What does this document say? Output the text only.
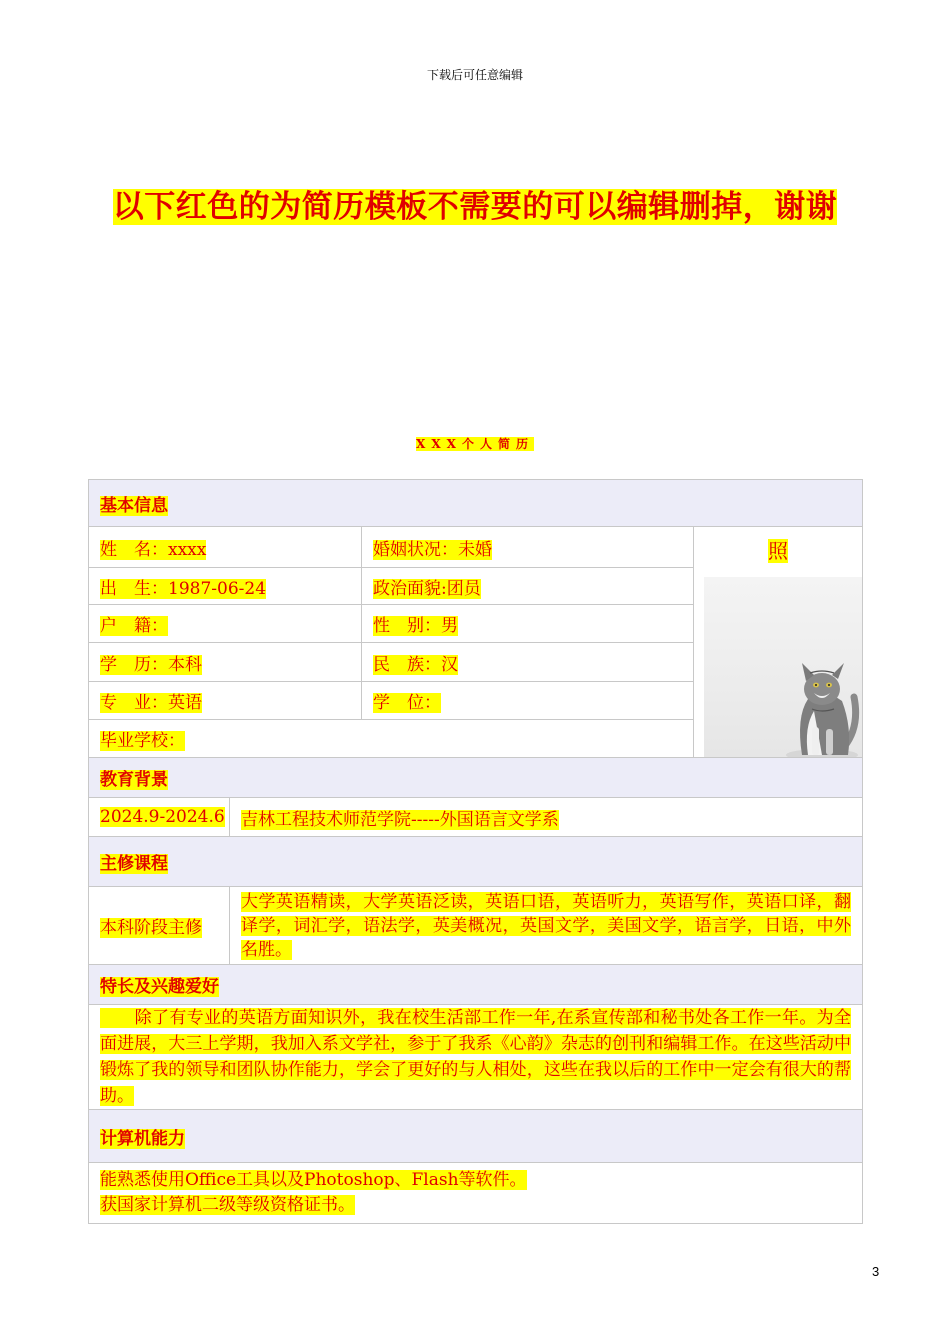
下载后可任意编辑
以下红色的为简历模板不需要的可以编辑删掉，谢谢
XXX个人简历
基本信息			
姓　名：xxxx		婚姻状况：未婚	照

出　生：1987-06-24		政治面貌:团员	
户　籍：		性　别：男	
学　历：本科		民　族：汉	
专　业：英语		学　位：	
毕业学校：			
教育背景			
2024.9-2024.6	吉林工程技术师范学院-----外国语言文学系		
主修课程			
本科阶段主修	大学英语精读，大学英语泛读，英语口语，英语听力，英语写作，英语口译，翻译学，词汇学，语法学，英美概况，英国文学，美国文学，语言学，日语，中外名胜。		
特长及兴趣爱好			
　　除了有专业的英语方面知识外，我在校生活部工作一年,在系宣传部和秘书处各工作一年。为全面进展，大三上学期，我加入系文学社，参于了我系《心韵》杂志的创刊和编辑工作。在这些活动中锻炼了我的领导和团队协作能力，学会了更好的与人相处，这些在我以后的工作中一定会有很大的帮助。			
计算机能力			

能熟悉使用Office工具以及Photoshop、Flash等软件。
获国家计算机二级等级资格证书。			
3
